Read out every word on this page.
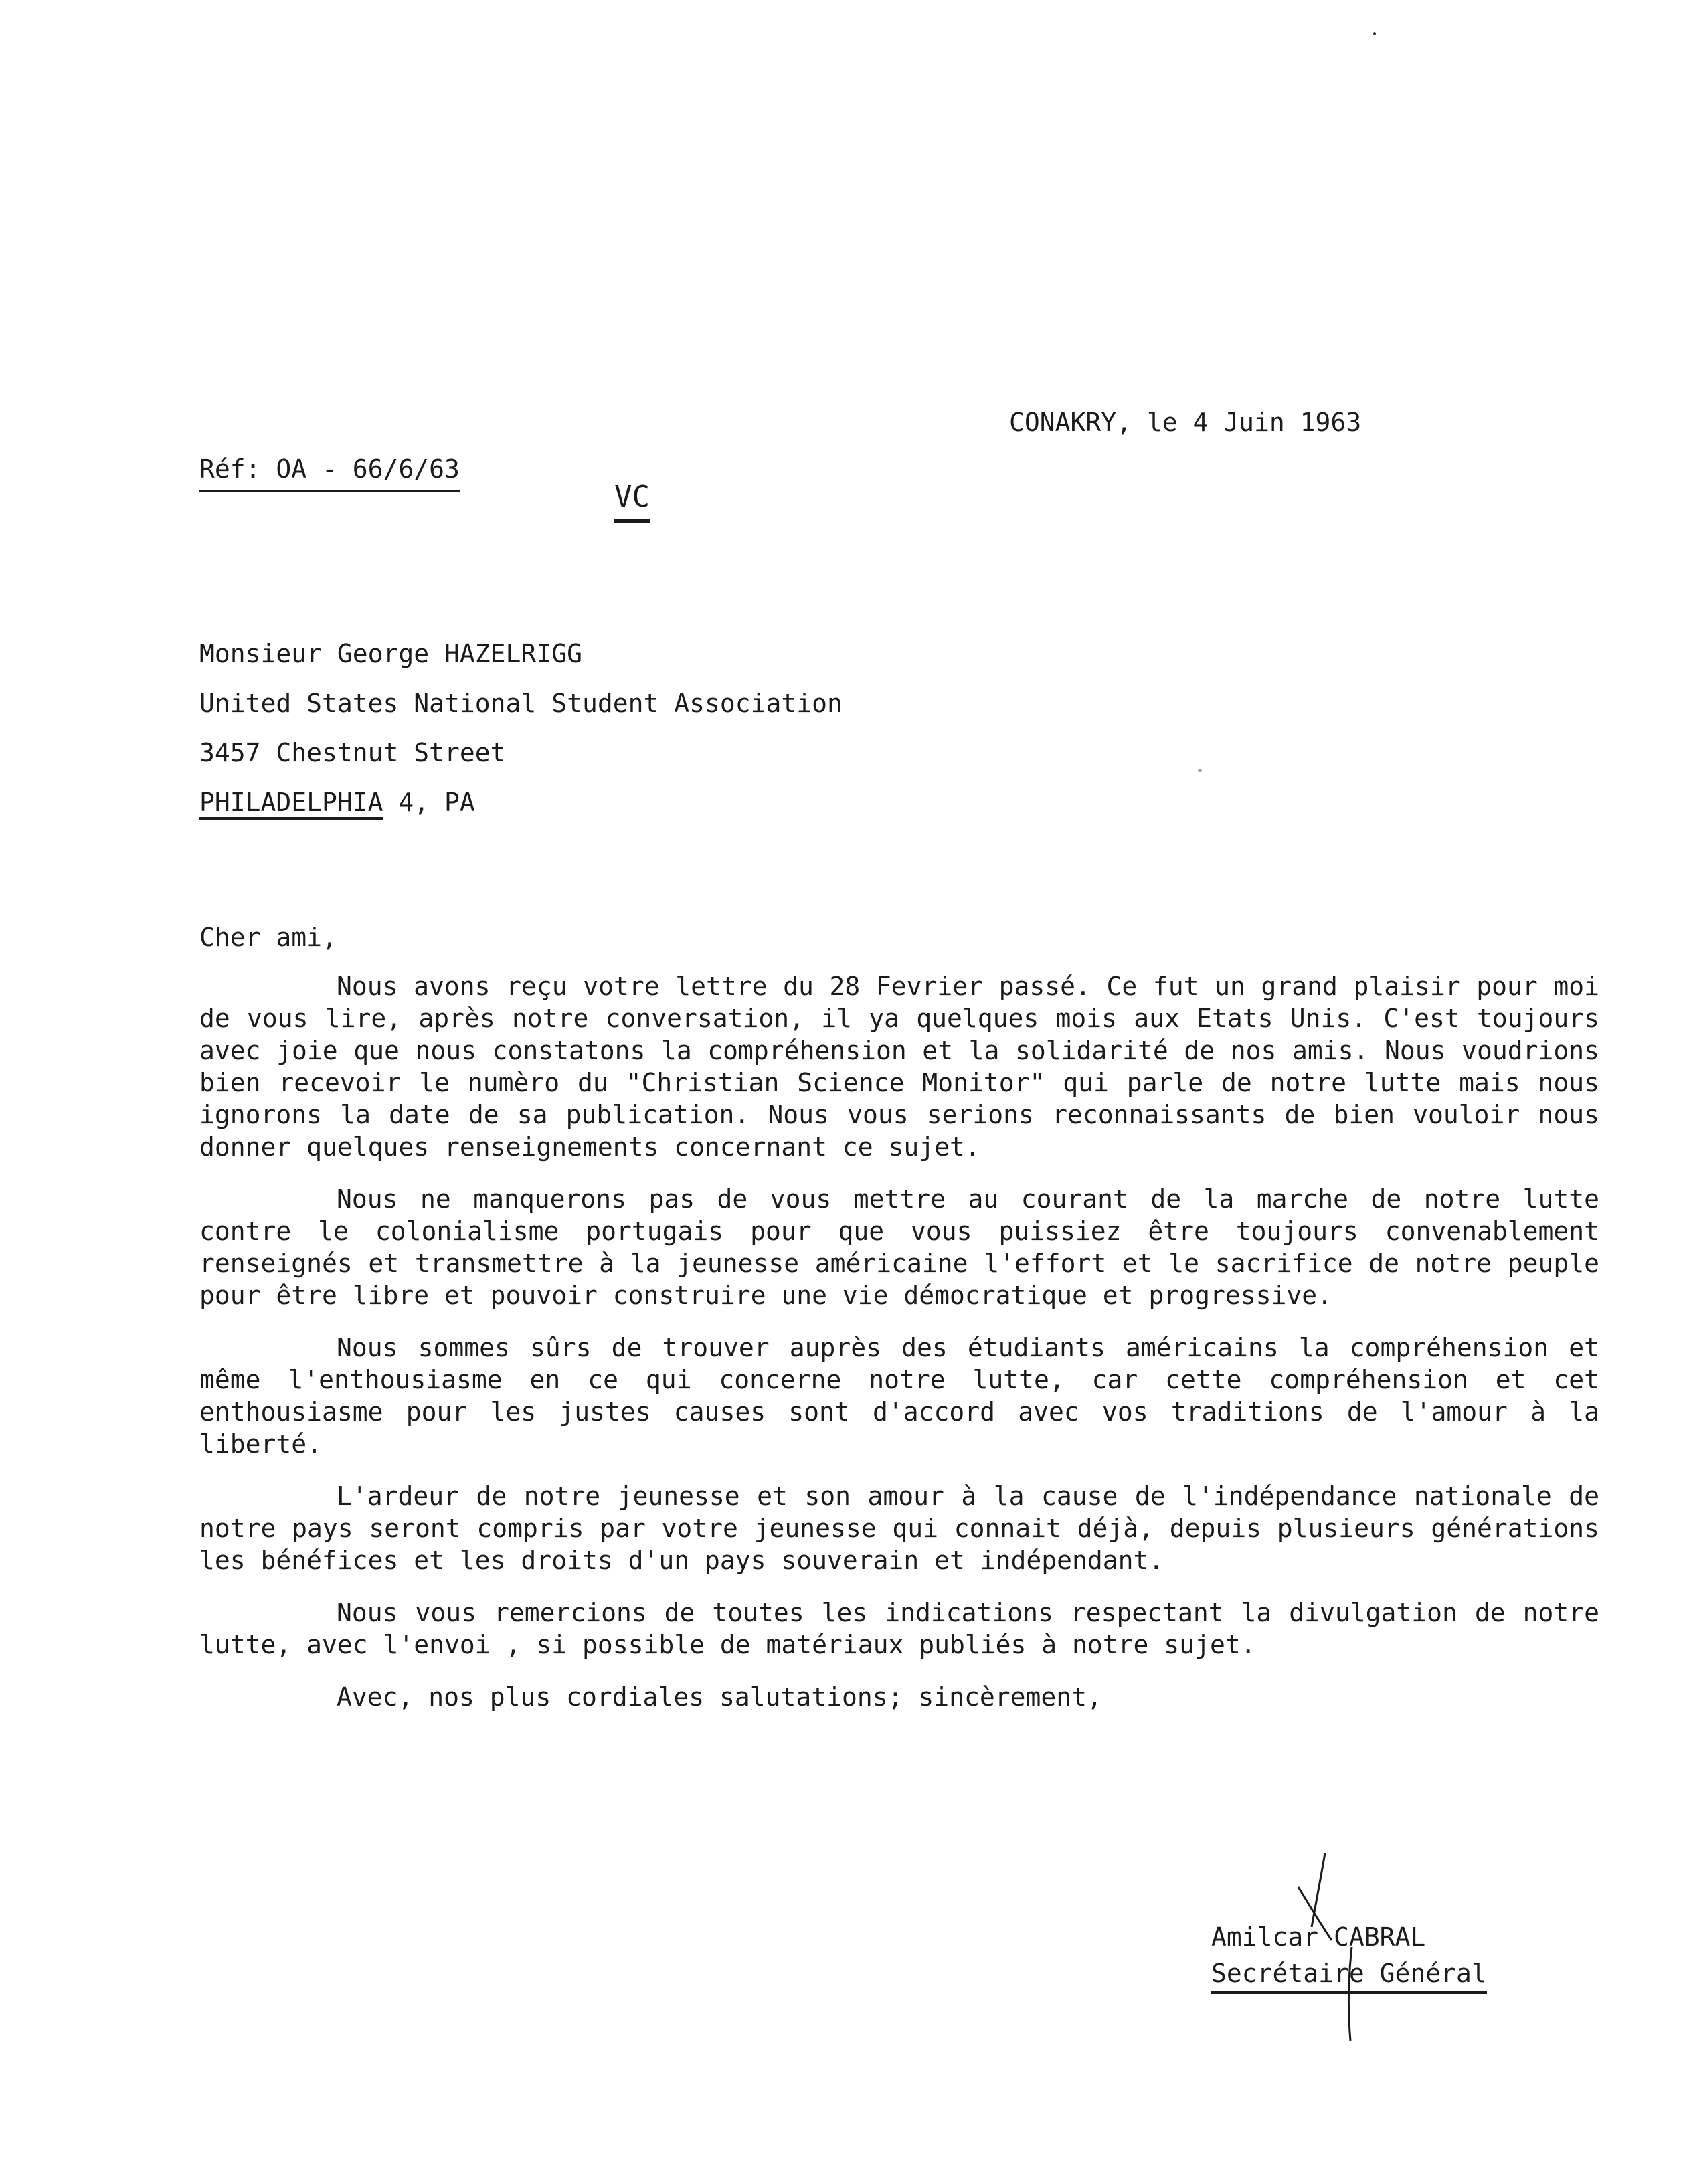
CONAKRY, le 4 Juin 1963
Réf: OA - 66/6/63
VC
Monsieur George HAZELRIGG
United States National Student Association
3457 Chestnut Street
PHILADELPHIA 4, PA
Cher ami,

Nous avons reçu votre lettre du 28 Fevrier passé. Ce fut un grand plaisir pour moi de vous lire, après notre conversation, il ya quelques mois aux Etats Unis. C'est toujours avec joie que nous constatons la compréhension et la solidarité de nos amis. Nous voudrions bien recevoir le numèro du "Christian Science Monitor" qui parle de notre lutte mais nous ignorons la date de sa publication. Nous vous serions reconnaissants de bien vouloir nous donner quelques renseignements concernant ce sujet.

Nous ne manquerons pas de vous mettre au courant de la marche de notre lutte contre le colonialisme portugais pour que vous puissiez être toujours convenablement renseignés et transmettre à la jeunesse américaine l'effort et le sacrifice de notre peuple pour être libre et pouvoir construire une vie démocratique et progressive.

Nous sommes sûrs de trouver auprès des étudiants américains la compréhension et même l'enthousiasme en ce qui concerne notre lutte, car cette compréhension et cet enthousiasme pour les justes causes sont d'accord avec vos traditions de l'amour à la liberté.

L'ardeur de notre jeunesse et son amour à la cause de l'indépendance nationale de notre pays seront compris par votre jeunesse qui connait déjà, depuis plusieurs générations les bénéfices et les droits d'un pays souverain et indépendant.

Nous vous remercions de toutes les indications respectant la divulgation de notre lutte, avec l'envoi , si possible de matériaux publiés à notre sujet.

Avec, nos plus cordiales salutations; sincèrement,

Amilcar CABRAL
Secrétaire Général
